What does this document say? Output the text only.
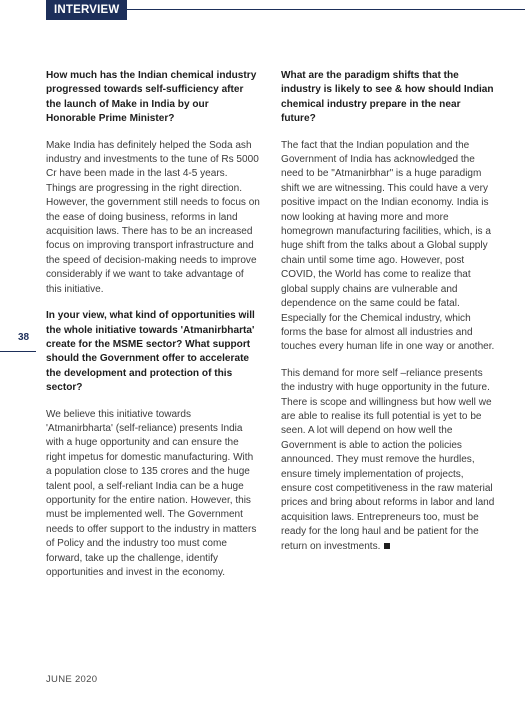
INTERVIEW

How much has the Indian chemical industry progressed towards self-sufficiency after the launch of Make in India by our Honorable Prime Minister?

Make India has definitely helped the Soda ash industry and investments to the tune of Rs 5000 Cr have been made in the last 4-5 years. Things are progressing in the right direction. However, the government still needs to focus on the ease of doing business, reforms in land acquisition laws. There has to be an increased focus on improving transport infrastructure and the speed of decision-making needs to improve considerably if we want to take advantage of this initiative.

In your view, what kind of opportunities will the whole initiative towards 'Atmanirbharta' create for the MSME sector? What support should the Government offer to accelerate the development and protection of this sector?

We believe this initiative towards 'Atmanirbharta' (self-reliance) presents India with a huge opportunity and can ensure the right impetus for domestic manufacturing. With a population close to 135 crores and the huge talent pool, a self-reliant India can be a huge opportunity for the entire nation. However, this must be implemented well. The Government needs to offer support to the industry in matters of Policy and the industry too must come forward, take up the challenge, identify opportunities and invest in the economy.

What are the paradigm shifts that the industry is likely to see & how should Indian chemical industry prepare in the near future?

The fact that the Indian population and the Government of India has acknowledged the need to be "Atmanirbhar" is a huge paradigm shift we are witnessing. This could have a very positive impact on the Indian economy. India is now looking at having more and more homegrown manufacturing facilities, which, is a huge shift from the talks about a Global supply chain until some time ago. However, post COVID, the World has come to realize that global supply chains are vulnerable and dependence on the same could be fatal. Especially for the Chemical industry, which forms the base for almost all industries and touches every human life in one way or another.

This demand for more self –reliance presents the industry with huge opportunity in the future. There is scope and willingness but how well we are able to realise its full potential is yet to be seen. A lot will depend on how well the Government is able to action the policies announced. They must remove the hurdles, ensure timely implementation of projects, ensure cost competitiveness in the raw material prices and bring about reforms in labor and land acquisition laws. Entrepreneurs too, must be ready for the long haul and be patient for the return on investments.

38
JUNE 2020
